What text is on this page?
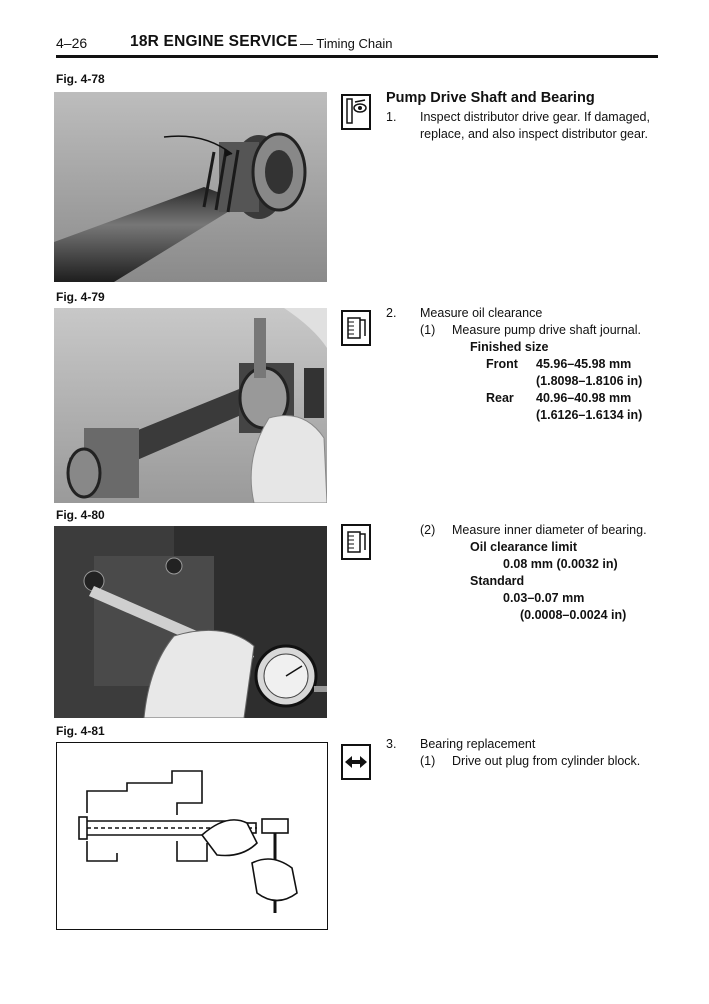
4–26	18R ENGINE SERVICE — Timing Chain
Fig. 4-78
Fig. 4-79
Fig. 4-80
Fig. 4-81
Pump Drive Shaft and Bearing
1. Inspect distributor drive gear. If damaged,
replace, and also inspect distributor gear.
2. Measure oil clearance
(1) Measure pump drive shaft journal.
Finished size
Front 45.96–45.98 mm
(1.8098–1.8106 in)
Rear 40.96–40.98 mm
(1.6126–1.6134 in)
(2) Measure inner diameter of bearing.
Oil clearance limit
0.08 mm (0.0032 in)
Standard
0.03–0.07 mm
(0.0008–0.0024 in)
3. Bearing replacement
(1) Drive out plug from cylinder block.
